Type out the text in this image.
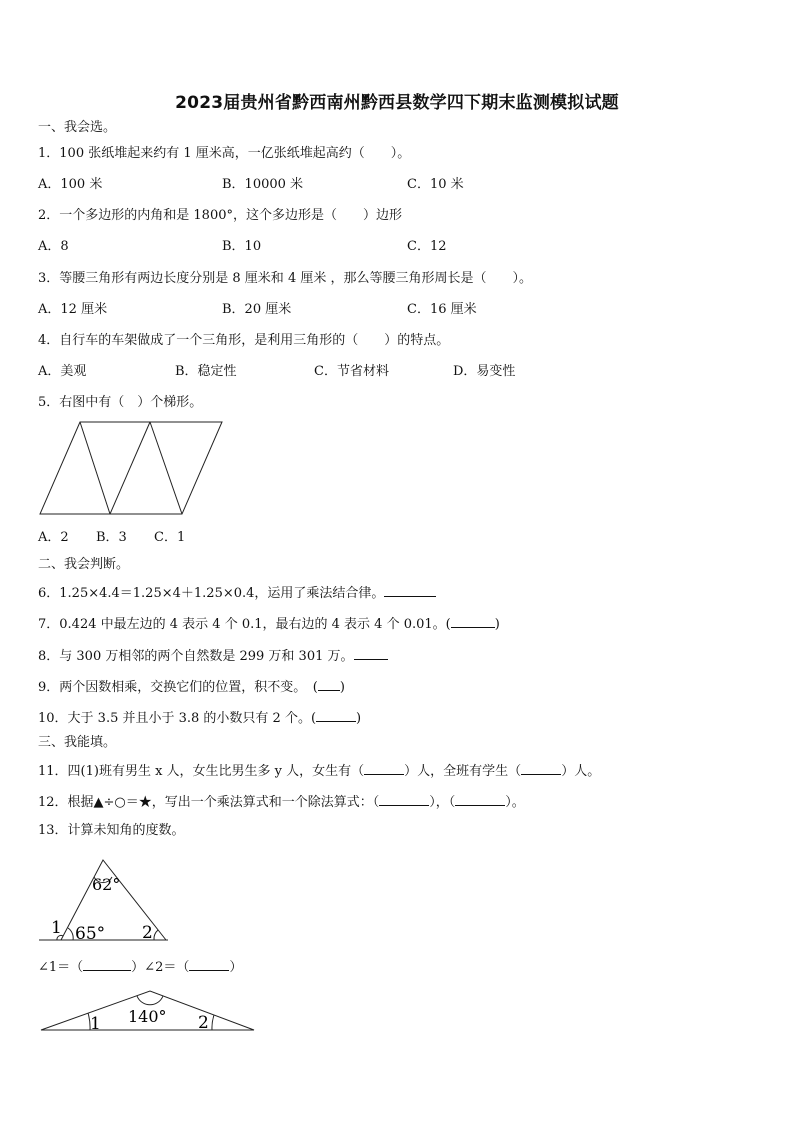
2023届贵州省黔西南州黔西县数学四下期末监测模拟试题
一、我会选。
1．100 张纸堆起来约有 1 厘米高，一亿张纸堆起高约（　　）。
A．100 米	B．10000 米	C．10 米
2．一个多边形的内角和是 1800°，这个多边形是（　　）边形
A．8	B．10	C．12
3．等腰三角形有两边长度分别是 8 厘米和 4 厘米 ，那么等腰三角形周长是（　　）。
A．12 厘米	B．20 厘米	C．16 厘米
4．自行车的车架做成了一个三角形，是利用三角形的（　　）的特点。
A．美观	B．稳定性	C．节省材料	D．易变性
5．右图中有（　）个梯形。
A．2 B．3 C．1
二、我会判断。
6．1.25×4.4＝1.25×4＋1.25×0.4，运用了乘法结合律。
7．0.424 中最左边的 4 表示 4 个 0.1，最右边的 4 表示 4 个 0.01。(	)
8．与 300 万相邻的两个自然数是 299 万和 301 万。
9．两个因数相乘，交换它们的位置，积不变。　( )
10．大于 3.5 并且小于 3.8 的小数只有 2 个。(	)
三、我能填。
11．四(1)班有男生 x 人，女生比男生多 y 人，女生有（	）人，全班有学生（	）人。
12．根据▲÷○＝★，写出一个乘法算式和一个除法算式：（	），（	）。
13．计算未知角的度数。
62°
65°
1	2
∠1＝（	）∠2＝（	）
140°
1	2
